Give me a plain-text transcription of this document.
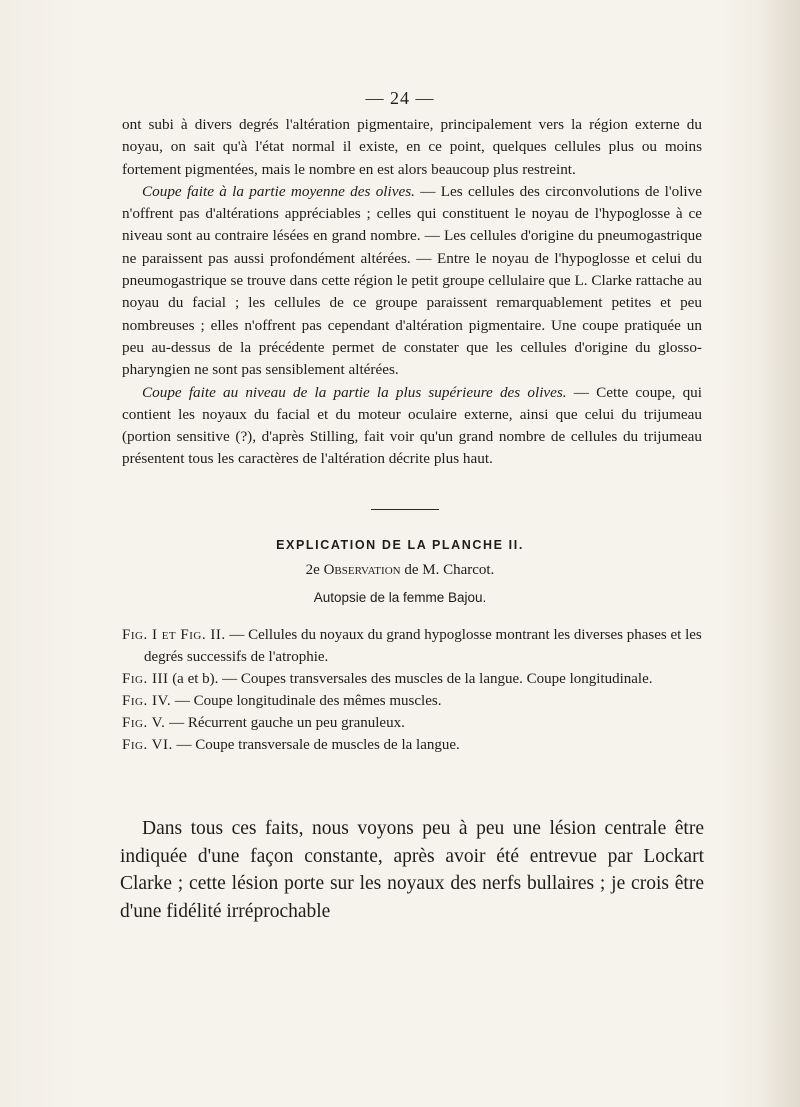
— 24 —

ont subi à divers degrés l'altération pigmentaire, principalement vers la région externe du noyau, on sait qu'à l'état normal il existe, en ce point, quelques cellules plus ou moins fortement pigmentées, mais le nombre en est alors beaucoup plus restreint.

Coupe faite à la partie moyenne des olives. — Les cellules des circonvolutions de l'olive n'offrent pas d'altérations appréciables ; celles qui constituent le noyau de l'hypoglosse à ce niveau sont au contraire lésées en grand nombre. — Les cellules d'origine du pneumogastrique ne paraissent pas aussi profondément altérées. — Entre le noyau de l'hypoglosse et celui du pneumogastrique se trouve dans cette région le petit groupe cellulaire que L. Clarke rattache au noyau du facial ; les cellules de ce groupe paraissent remarquablement petites et peu nombreuses ; elles n'offrent pas cependant d'altération pigmentaire. Une coupe pratiquée un peu au-dessus de la précédente permet de constater que les cellules d'origine du glosso-pharyngien ne sont pas sensiblement altérées.

Coupe faite au niveau de la partie la plus supérieure des olives. — Cette coupe, qui contient les noyaux du facial et du moteur oculaire externe, ainsi que celui du trijumeau (portion sensitive (?), d'après Stilling, fait voir qu'un grand nombre de cellules du trijumeau présentent tous les caractères de l'altération décrite plus haut.

EXPLICATION DE LA PLANCHE II.
2e Observation de M. Charcot.
Autopsie de la femme Bajou.
Fig. I et Fig. II. — Cellules du noyaux du grand hypoglosse montrant les diverses phases et les degrés successifs de l'atrophie.
Fig. III (a et b). — Coupes transversales des muscles de la langue. Coupe longitudinale.
Fig. IV. — Coupe longitudinale des mêmes muscles.
Fig. V. — Récurrent gauche un peu granuleux.
Fig. VI. — Coupe transversale de muscles de la langue.
Dans tous ces faits, nous voyons peu à peu une lésion centrale être indiquée d'une façon constante, après avoir été entrevue par Lockart Clarke ; cette lésion porte sur les noyaux des nerfs bullaires ; je crois être d'une fidélité irréprochable
